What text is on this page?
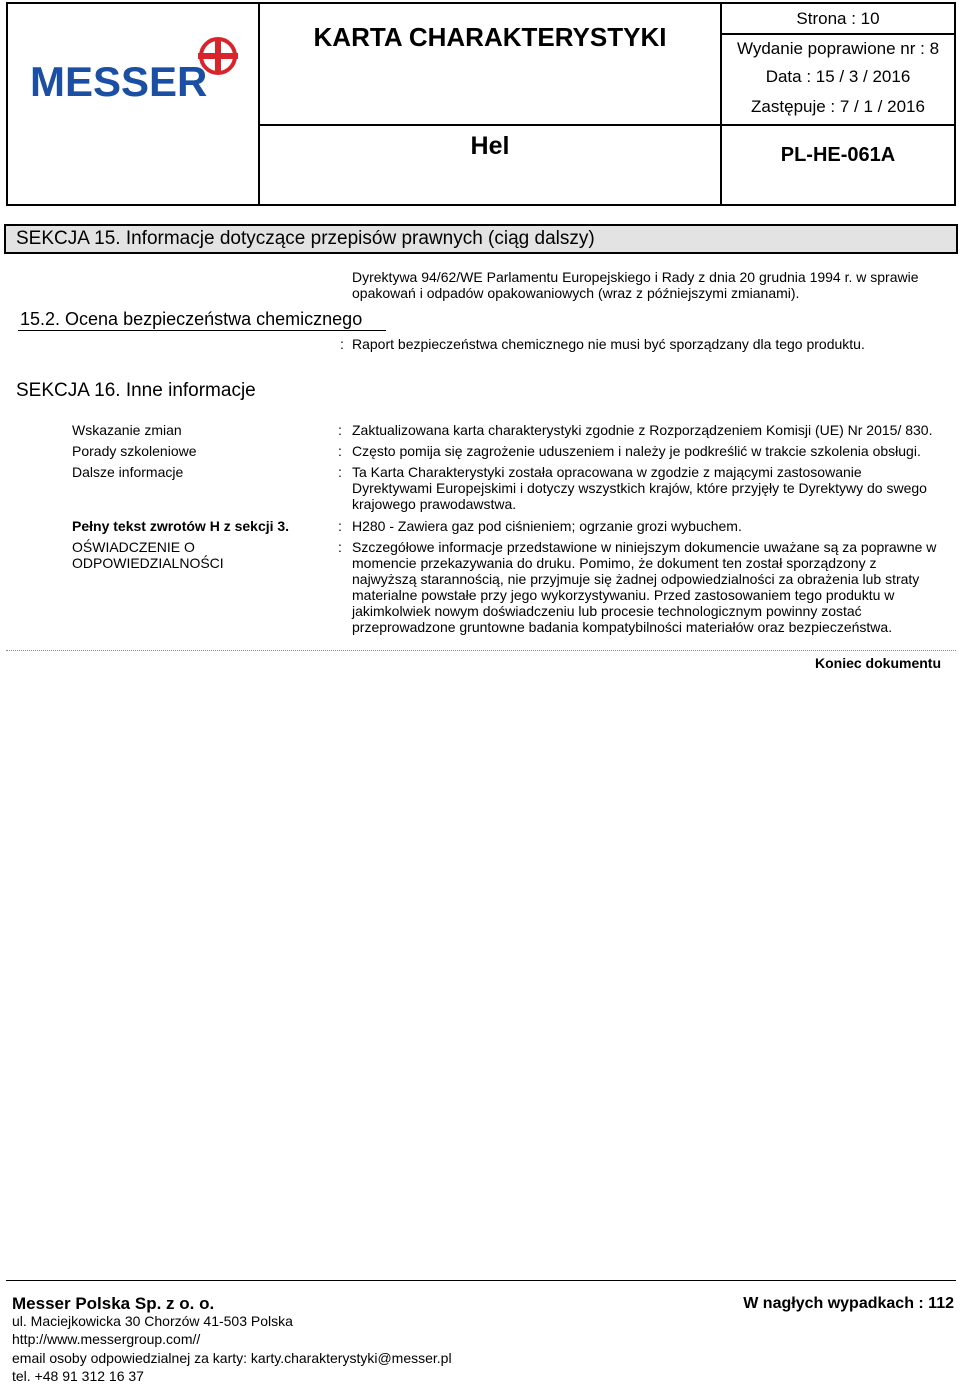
MESSER
KARTA CHARAKTERYSTYKI
Hel
Strona : 10
Wydanie poprawione nr : 8
Data : 15 / 3 / 2016
Zastępuje : 7 / 1 / 2016
PL-HE-061A
SEKCJA 15. Informacje dotyczące przepisów prawnych (ciąg dalszy)
Dyrektywa 94/62/WE Parlamentu Europejskiego i Rady z dnia 20 grudnia 1994 r. w sprawie
opakowań i odpadów opakowaniowych (wraz z późniejszymi zmianami).
15.2. Ocena bezpieczeństwa chemicznego
: Raport bezpieczeństwa chemicznego nie musi być sporządzany dla tego produktu.
SEKCJA 16. Inne informacje
Wskazanie zmian	: Zaktualizowana karta charakterystyki zgodnie z Rozporządzeniem Komisji (UE) Nr 2015/ 830.
Porady szkoleniowe	: Często pomija się zagrożenie uduszeniem i należy je podkreślić w trakcie szkolenia obsługi.
Dalsze informacje	: Ta Karta Charakterystyki została opracowana w zgodzie z mającymi zastosowanie
Dyrektywami Europejskimi i dotyczy wszystkich krajów, które przyjęły te Dyrektywy do swego
krajowego prawodawstwa.
Pełny tekst zwrotów H z sekcji 3.	: H280 - Zawiera gaz pod ciśnieniem; ogrzanie grozi wybuchem.
OŚWIADCZENIE O
ODPOWIEDZIALNOŚCI
: Szczegółowe informacje przedstawione w niniejszym dokumencie uważane są za poprawne w
momencie przekazywania do druku. Pomimo, że dokument ten został sporządzony z
najwyższą starannością, nie przyjmuje się żadnej odpowiedzialności za obrażenia lub straty
materialne powstałe przy jego wykorzystywaniu. Przed zastosowaniem tego produktu w
jakimkolwiek nowym doświadczeniu lub procesie technologicznym powinny zostać
przeprowadzone gruntowne badania kompatybilności materiałów oraz bezpieczeństwa.
Koniec dokumentu
Messer Polska Sp. z o. o.	W nagłych wypadkach : 112
ul. Maciejkowicka 30 Chorzów 41-503 Polska
http://www.messergroup.com//
email osoby odpowiedzialnej za karty: karty.charakterystyki@messer.pl
tel. +48 91 312 16 37
